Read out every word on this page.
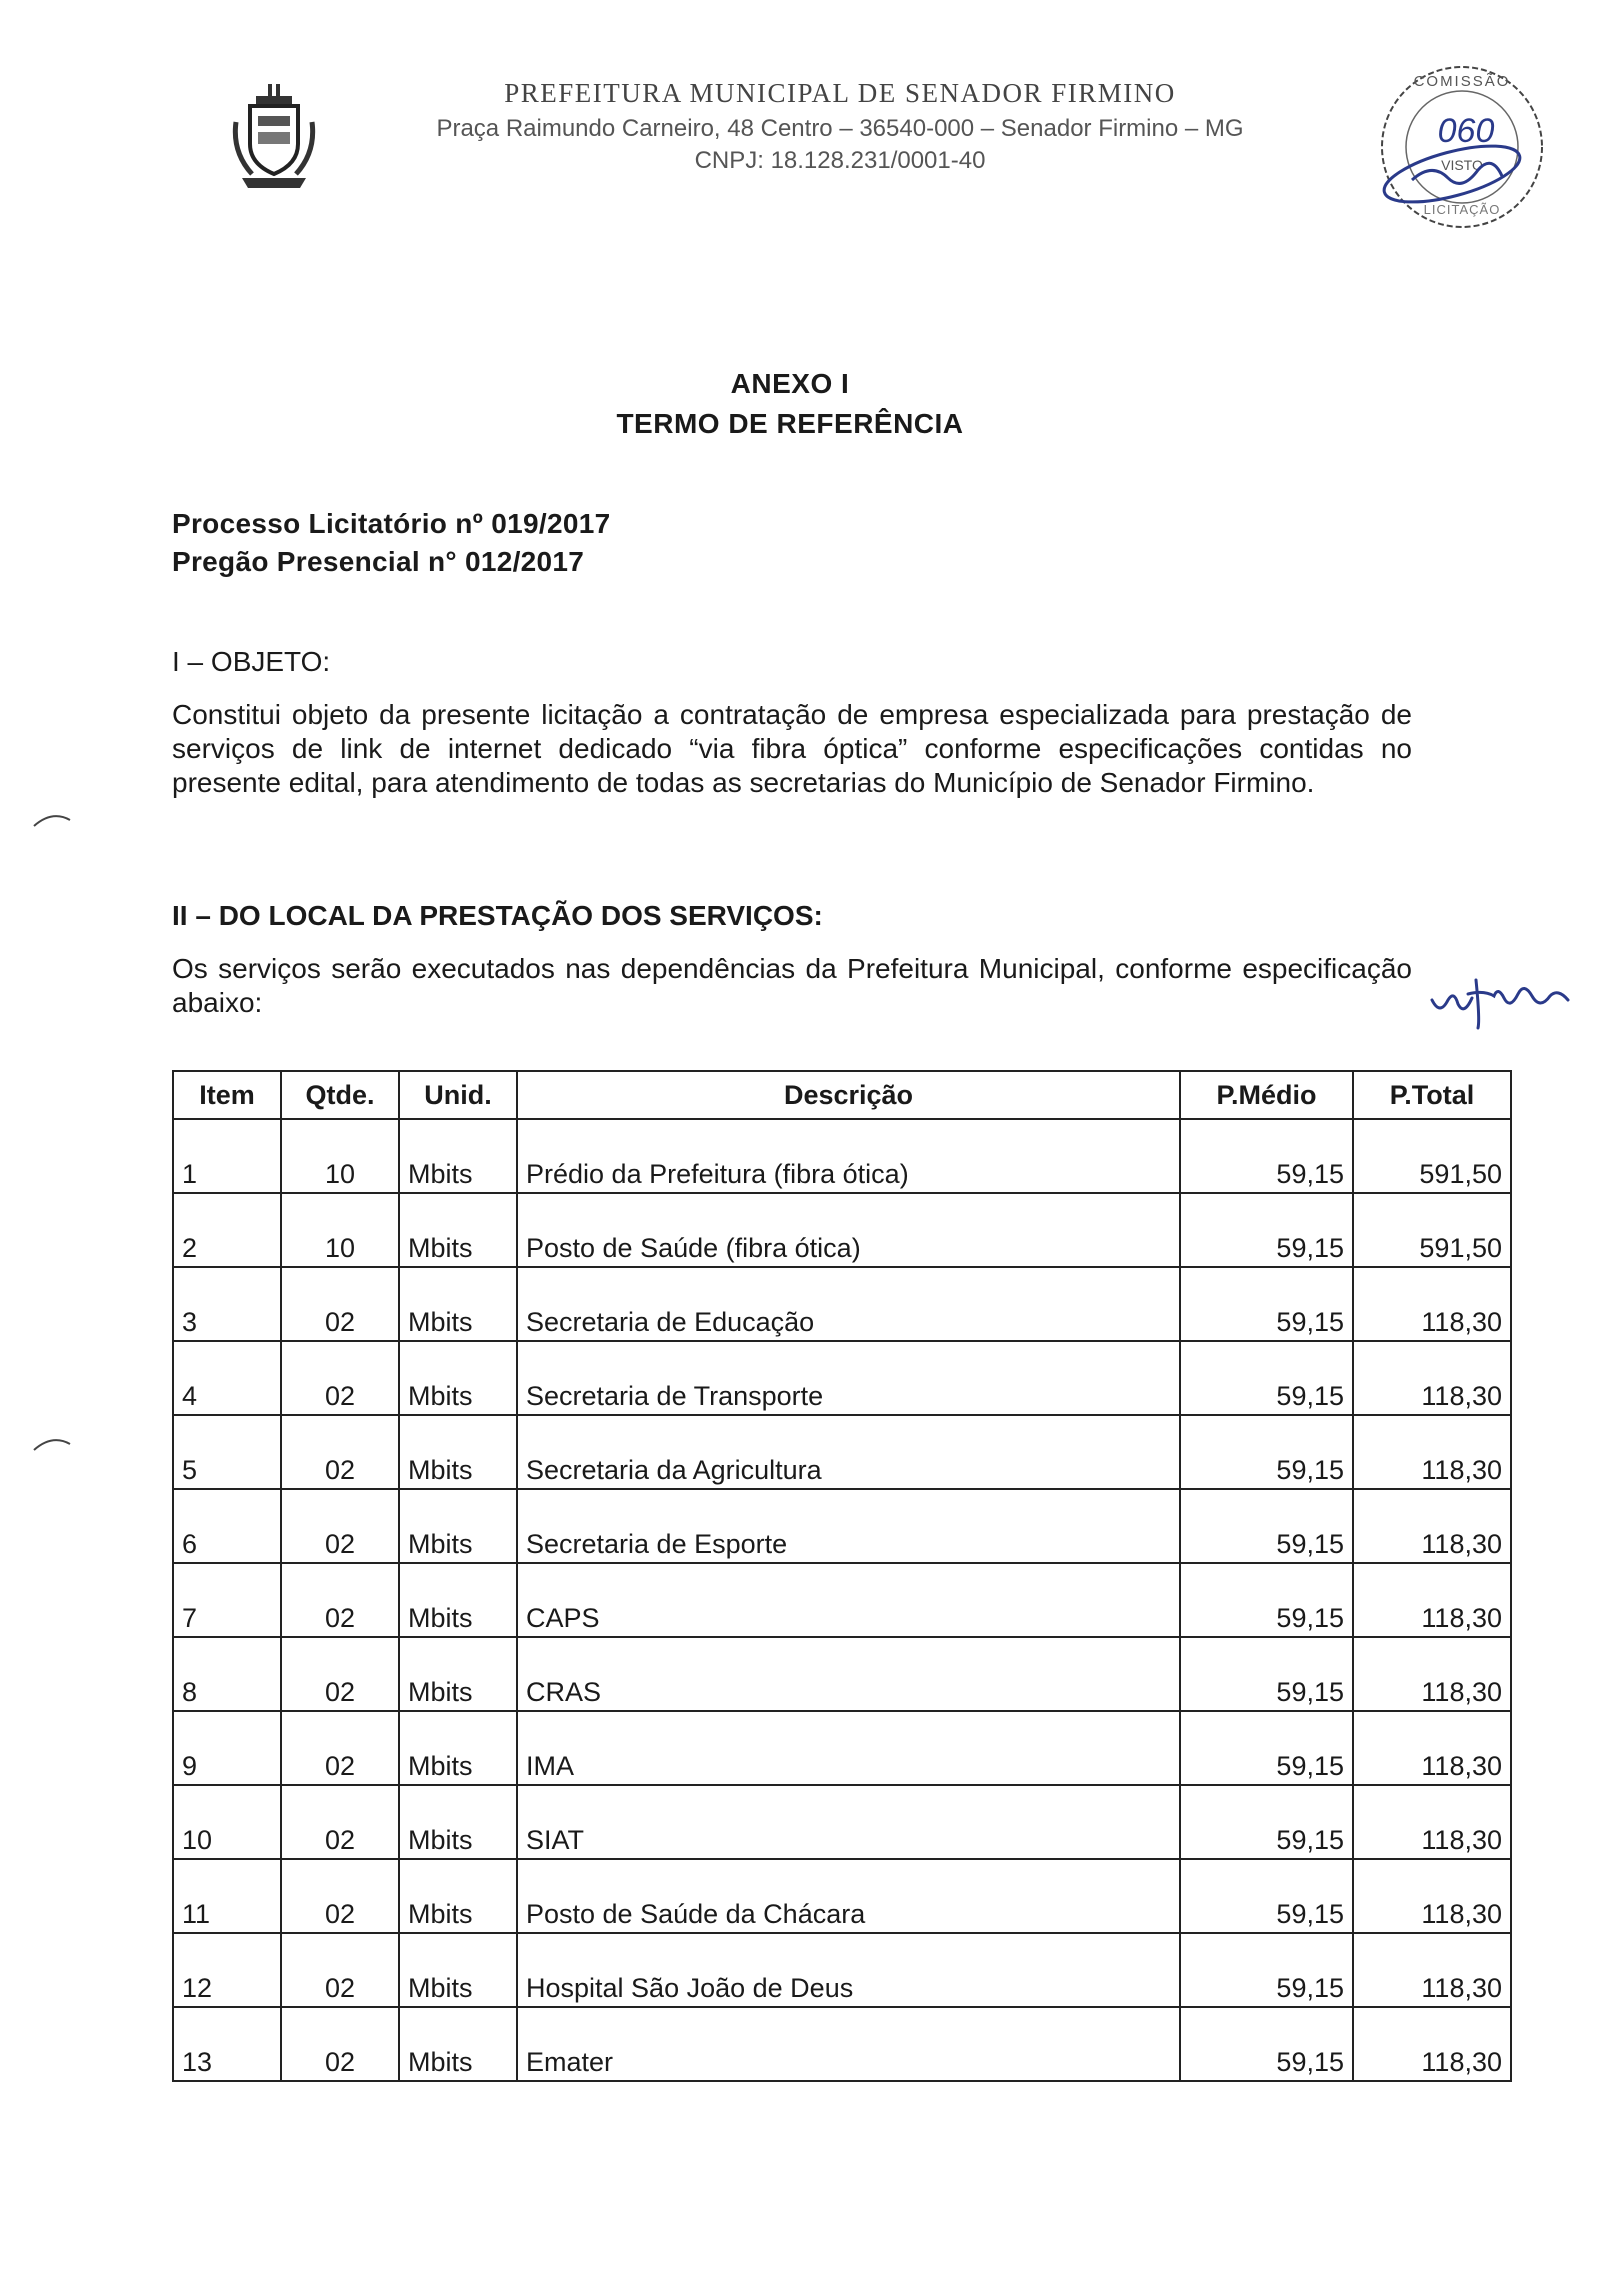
PREFEITURA MUNICIPAL DE SENADOR FIRMINO

Praça Raimundo Carneiro, 48 Centro – 36540-000 – Senador Firmino – MG

CNPJ: 18.128.231/0001-40

COMISSÃO
060
VISTO
LICITAÇÃO

ANEXO I

TERMO DE REFERÊNCIA

Processo Licitatório nº 019/2017

Pregão Presencial n° 012/2017

I – OBJETO:

Constitui objeto da presente licitação a contratação de empresa especializada para prestação de serviços de link de internet dedicado “via fibra óptica” conforme especificações contidas no presente edital, para atendimento de todas as secretarias do Município de Senador Firmino.

II – DO LOCAL DA PRESTAÇÃO DOS SERVIÇOS:

Os serviços serão executados nas dependências da Prefeitura Municipal, conforme especificação abaixo:

Item	Qtde.	Unid.	Descrição	P.Médio	P.Total
1	10	Mbits	Prédio da Prefeitura (fibra ótica)	59,15	591,50
2	10	Mbits	Posto de Saúde (fibra ótica)	59,15	591,50
3	02	Mbits	Secretaria de Educação	59,15	118,30
4	02	Mbits	Secretaria de Transporte	59,15	118,30
5	02	Mbits	Secretaria da Agricultura	59,15	118,30
6	02	Mbits	Secretaria de Esporte	59,15	118,30
7	02	Mbits	CAPS	59,15	118,30
8	02	Mbits	CRAS	59,15	118,30
9	02	Mbits	IMA	59,15	118,30
10	02	Mbits	SIAT	59,15	118,30
11	02	Mbits	Posto de Saúde da Chácara	59,15	118,30
12	02	Mbits	Hospital São João de Deus	59,15	118,30
13	02	Mbits	Emater	59,15	118,30
